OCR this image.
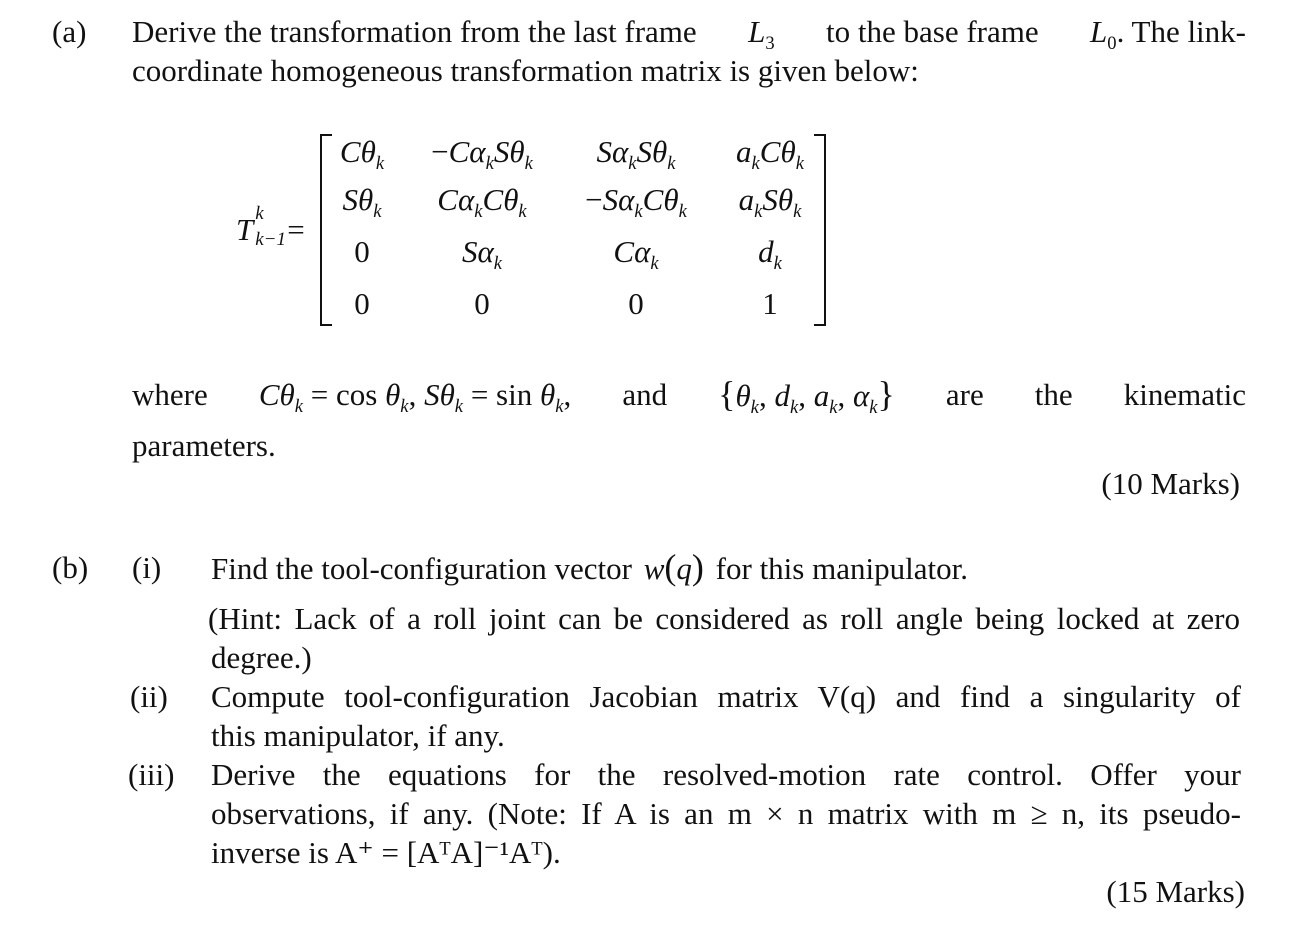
(a) Derive the transformation from the last frame $L_3$ to the base frame $L_0$. The link-
coordinate homogeneous transformation matrix is given below:
T k
k−1 =
$C\theta_k$	$-C\alpha_kS\theta_k$	$S\alpha_kS\theta_k$	$a_kC\theta_k$
$S\theta_k$	$C\alpha_kC\theta_k$	$-S\alpha_kC\theta_k$	$a_kS\theta_k$
0	$S\alpha_k$	$C\alpha_k$	$d_k$
0	0	0	1
where $C\theta_k = \cos \theta_k$, $S\theta_k = \sin \theta_k$, and {$\theta_k$, $d_k$, $a_k$, $\alpha_k$} are the kinematic
parameters.
(10 Marks)
(b) (i) Find the tool-configuration vector w(q) for this manipulator.
(Hint: Lack of a roll joint can be considered as roll angle being locked at zero
degree.)
(ii) Compute tool-configuration Jacobian matrix V(q) and find a singularity of
this manipulator, if any.
(iii) Derive the equations for the resolved-motion rate control. Offer your
observations, if any. (Note: If A is an m × n matrix with m ≥ n, its pseudo-
inverse is A⁺ = [AᵀA]⁻¹Aᵀ).
(15 Marks)
